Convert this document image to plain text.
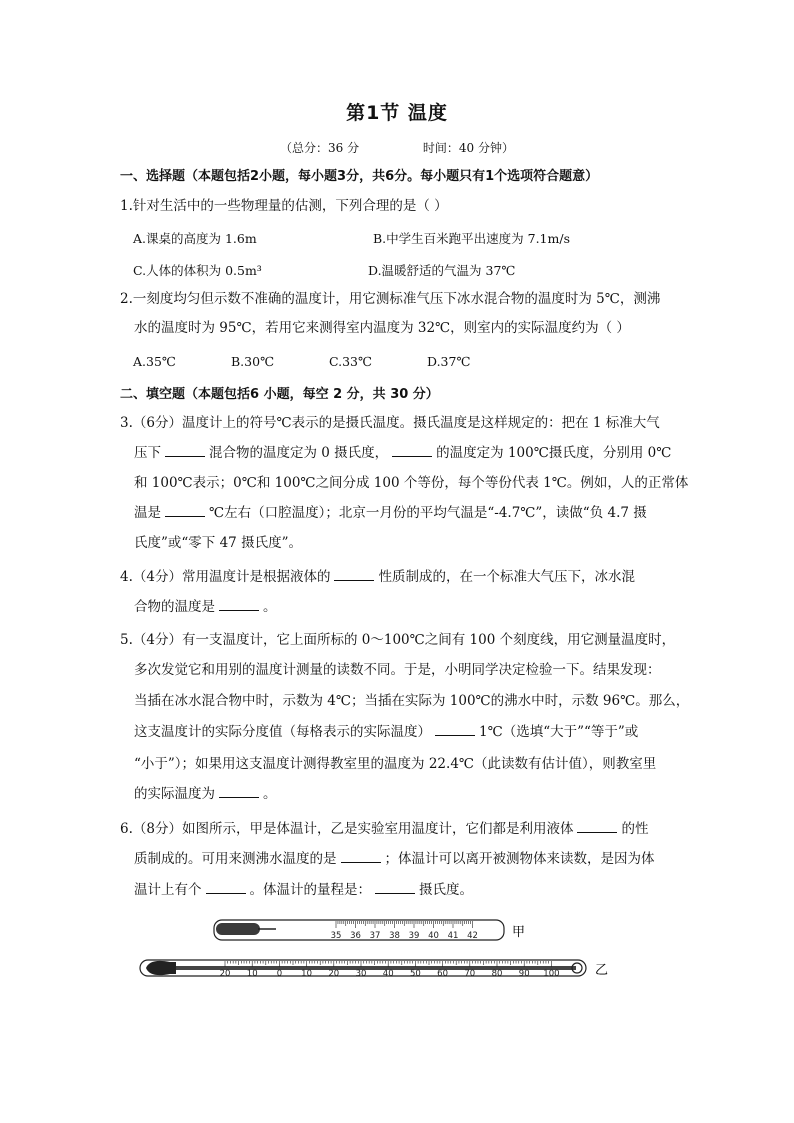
第1节 温度
（总分：36 分	时间：40 分钟）
一、选择题（本题包括2小题，每小题3分，共6分。每小题只有1个选项符合题意）
1.针对生活中的一些物理量的估测，下列合理的是（ ）
A.课桌的高度为 1.6m	B.中学生百米跑平出速度为 7.1m/s
C.人体的体积为 0.5m³	D.温暖舒适的气温为 37℃
2.一刻度均匀但示数不准确的温度计，用它测标准气压下冰水混合物的温度时为 5℃，测沸
水的温度时为 95℃，若用它来测得室内温度为 32℃，则室内的实际温度约为（ ）
A.35℃	B.30℃	C.33℃	D.37℃
二、填空题（本题包括6 小题，每空 2 分，共 30 分）
3.（6分）温度计上的符号℃表示的是摄氏温度。摄氏温度是这样规定的：把在 1 标准大气
压下	混合物的温度定为 0 摄氏度，	的温度定为 100℃摄氏度，分别用 0℃
和 100℃表示；0℃和 100℃之间分成 100 个等份，每个等份代表 1℃。例如，人的正常体
温是	℃左右（口腔温度）；北京一月份的平均气温是“-4.7℃”，读做“负 4.7 摄
氏度”或“零下 47 摄氏度”。
4.（4分）常用温度计是根据液体的	性质制成的，在一个标准大气压下，冰水混
合物的温度是	。
5.（4分）有一支温度计，它上面所标的 0～100℃之间有 100 个刻度线，用它测量温度时，
多次发觉它和用别的温度计测量的读数不同。于是，小明同学决定检验一下。结果发现：
当插在冰水混合物中时，示数为 4℃；当插在实际为 100℃的沸水中时，示数 96℃。那么，
这支温度计的实际分度值（每格表示的实际温度）	1℃（选填“大于”“等于”或
“小于”）；如果用这支温度计测得教室里的温度为 22.4℃（此读数有估计值），则教室里
的实际温度为	。
6.（8分）如图所示，甲是体温计，乙是实验室用温度计，它们都是利用液体	的性
质制成的。可用来测沸水温度的是	；体温计可以离开被测物体来读数，是因为体
温计上有个	。体温计的量程是：	摄氏度。
35 36 37 38 39 40 41 42	甲
20 10 0 10 20 30 40 50 60 70 80 90 100	乙
